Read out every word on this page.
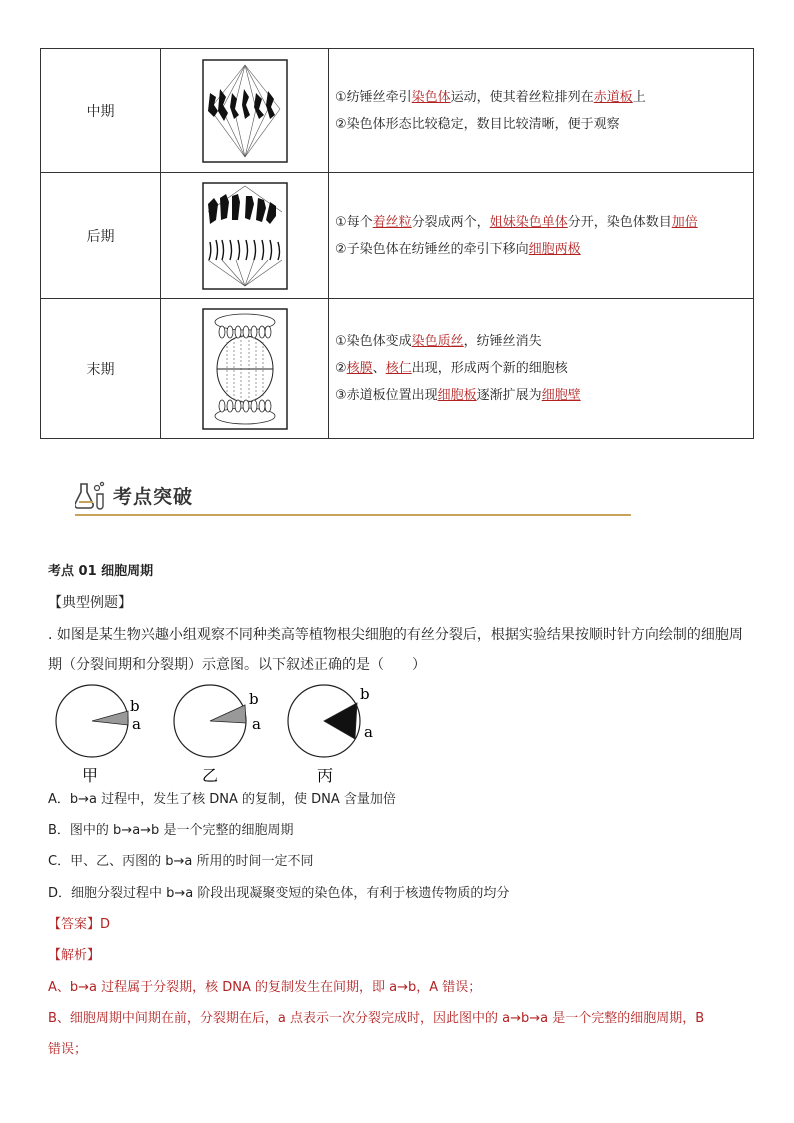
中期		①纺锤丝牵引染色体运动，使其着丝粒排列在赤道板上
②染色体形态比较稳定，数目比较清晰，便于观察

后期		①每个着丝粒分裂成两个，姐妹染色单体分开，染色体数目加倍
②子染色体在纺锤丝的牵引下移向细胞两极

末期		①染色体变成染色质丝，纺锤丝消失
②核膜、核仁出现，形成两个新的细胞核
③赤道板位置出现细胞板逐渐扩展为细胞壁
考点突破
考点 01 细胞周期
【典型例题】
. 如图是某生物兴趣小组观察不同种类高等植物根尖细胞的有丝分裂后，根据实验结果按顺时针方向绘制的细胞周
期（分裂间期和分裂期）示意图。以下叙述正确的是（　　）
b
a
甲
b
a
乙
b
a
丙
A．b→a 过程中，发生了核 DNA 的复制，使 DNA 含量加倍
B．图中的 b→a→b 是一个完整的细胞周期
C．甲、乙、丙图的 b→a 所用的时间一定不同
D．细胞分裂过程中 b→a 阶段出现凝聚变短的染色体，有利于核遗传物质的均分
【答案】D
【解析】
A、b→a 过程属于分裂期，核 DNA 的复制发生在间期，即 a→b，A 错误；
B、细胞周期中间期在前，分裂期在后，a 点表示一次分裂完成时，因此图中的 a→b→a 是一个完整的细胞周期，B
错误；
